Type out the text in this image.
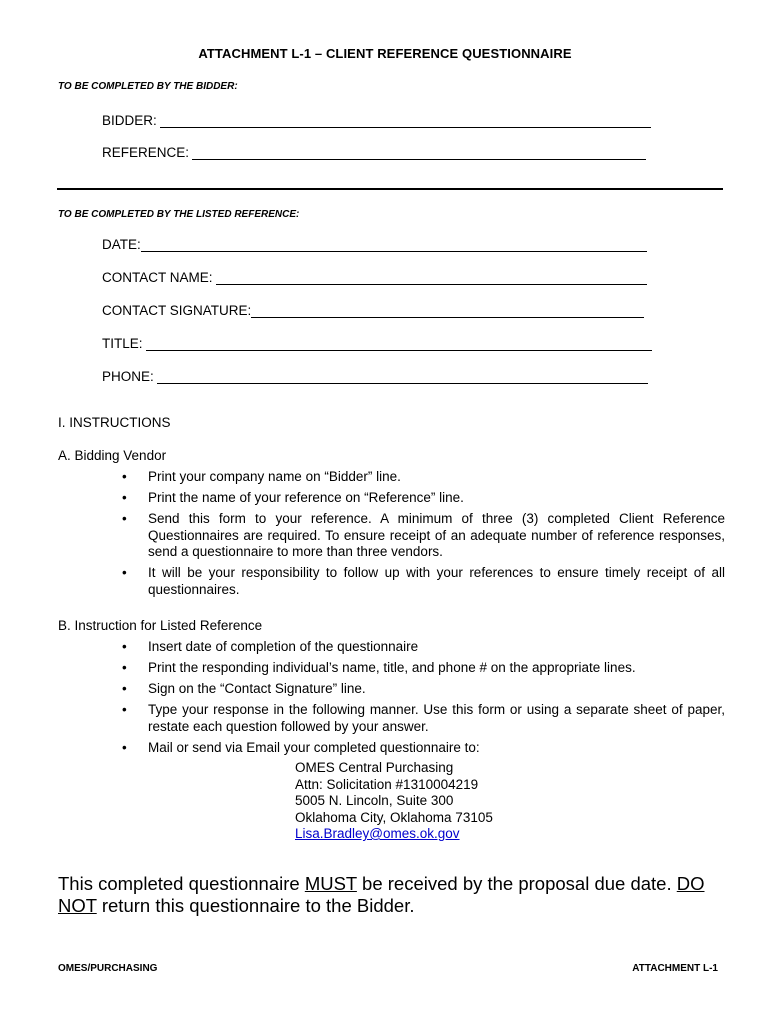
ATTACHMENT L-1 – CLIENT REFERENCE QUESTIONNAIRE
TO BE COMPLETED BY THE BIDDER:
BIDDER:
REFERENCE:
TO BE COMPLETED BY THE LISTED REFERENCE:
DATE:
CONTACT NAME:
CONTACT SIGNATURE:
TITLE:
PHONE:
I. INSTRUCTIONS
A. Bidding Vendor
•	Print your company name on “Bidder” line.
•	Print the name of your reference on “Reference” line.
•	Send this form to your reference. A minimum of three (3) completed Client Reference Questionnaires are required. To ensure receipt of an adequate number of reference responses, send a questionnaire to more than three vendors.
•	It will be your responsibility to follow up with your references to ensure timely receipt of all questionnaires.
B. Instruction for Listed Reference
•	Insert date of completion of the questionnaire
•	Print the responding individual’s name, title, and phone # on the appropriate lines.
•	Sign on the “Contact Signature” line.
•	Type your response in the following manner. Use this form or using a separate sheet of paper, restate each question followed by your answer.
•	Mail or send via Email your completed questionnaire to:
OMES Central Purchasing
Attn: Solicitation #1310004219
5005 N. Lincoln, Suite 300
Oklahoma City, Oklahoma 73105
Lisa.Bradley@omes.ok.gov
This completed questionnaire MUST be received by the proposal due date. DO NOT return this questionnaire to the Bidder.
OMES/PURCHASING	ATTACHMENT L-1
